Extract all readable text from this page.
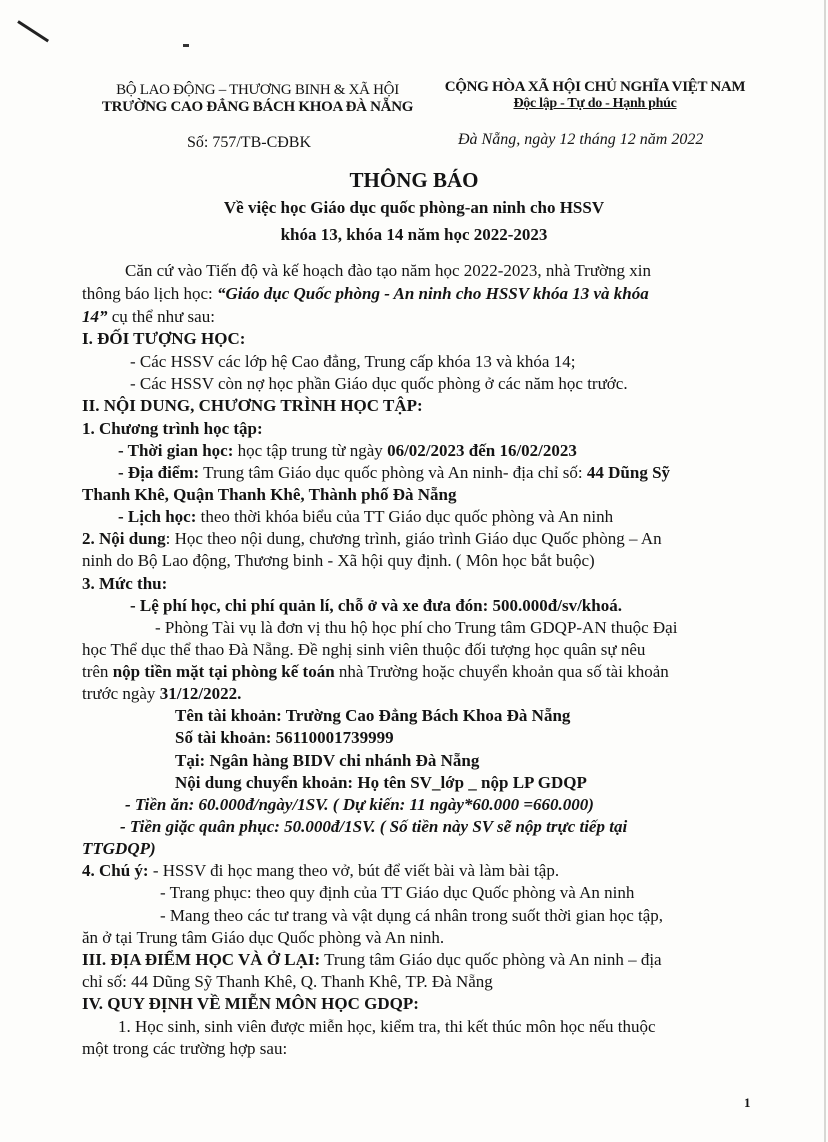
BỘ LAO ĐỘNG – THƯƠNG BINH & XÃ HỘI
TRƯỜNG CAO ĐẲNG BÁCH KHOA ĐÀ NẴNG
CỘNG HÒA XÃ HỘI CHỦ NGHĨA VIỆT NAM
Độc lập - Tự do - Hạnh phúc
Số: 757/TB-CĐBK	Đà Nẵng, ngày 12 tháng 12 năm 2022
THÔNG BÁO
Về việc học Giáo dục quốc phòng-an ninh cho HSSV
khóa 13, khóa 14 năm học 2022-2023
Căn cứ vào Tiến độ và kế hoạch đào tạo năm học 2022-2023, nhà Trường xin
thông báo lịch học: “Giáo dục Quốc phòng - An ninh cho HSSV khóa 13 và khóa
14” cụ thể như sau:
I. ĐỐI TƯỢNG HỌC:
- Các HSSV các lớp hệ Cao đẳng, Trung cấp khóa 13 và khóa 14;
- Các HSSV còn nợ học phần Giáo dục quốc phòng ở các năm học trước.
II. NỘI DUNG, CHƯƠNG TRÌNH HỌC TẬP:
1. Chương trình học tập:
- Thời gian học: học tập trung từ ngày 06/02/2023 đến 16/02/2023
- Địa điểm: Trung tâm Giáo dục quốc phòng và An ninh- địa chỉ số: 44 Dũng Sỹ
Thanh Khê, Quận Thanh Khê, Thành phố Đà Nẵng
- Lịch học: theo thời khóa biểu của TT Giáo dục quốc phòng và An ninh
2. Nội dung: Học theo nội dung, chương trình, giáo trình Giáo dục Quốc phòng – An
ninh do Bộ Lao động, Thương binh - Xã hội quy định. ( Môn học bắt buộc)
3. Mức thu:
- Lệ phí học, chi phí quản lí, chỗ ở và xe đưa đón: 500.000đ/sv/khoá.
- Phòng Tài vụ là đơn vị thu hộ học phí cho Trung tâm GDQP-AN thuộc Đại
học Thể dục thể thao Đà Nẵng. Đề nghị sinh viên thuộc đối tượng học quân sự nêu
trên nộp tiền mặt tại phòng kế toán nhà Trường hoặc chuyển khoản qua số tài khoản
trước ngày 31/12/2022.
Tên tài khoản: Trường Cao Đẳng Bách Khoa Đà Nẵng
Số tài khoản: 56110001739999
Tại: Ngân hàng BIDV chi nhánh Đà Nẵng
Nội dung chuyển khoản: Họ tên SV_lớp _ nộp LP GDQP
- Tiền ăn: 60.000đ/ngày/1SV. ( Dự kiến: 11 ngày*60.000 =660.000)
- Tiền giặc quân phục: 50.000đ/1SV. ( Số tiền này SV sẽ nộp trực tiếp tại
TTGDQP)
4. Chú ý: - HSSV đi học mang theo vở, bút để viết bài và làm bài tập.
- Trang phục: theo quy định của TT Giáo dục Quốc phòng và An ninh
- Mang theo các tư trang và vật dụng cá nhân trong suốt thời gian học tập,
ăn ở tại Trung tâm Giáo dục Quốc phòng và An ninh.
III. ĐỊA ĐIỂM HỌC VÀ Ở LẠI: Trung tâm Giáo dục quốc phòng và An ninh – địa
chỉ số: 44 Dũng Sỹ Thanh Khê, Q. Thanh Khê, TP. Đà Nẵng
IV. QUY ĐỊNH VỀ MIỄN MÔN HỌC GDQP:
1. Học sinh, sinh viên được miễn học, kiểm tra, thi kết thúc môn học nếu thuộc
một trong các trường hợp sau:
1
